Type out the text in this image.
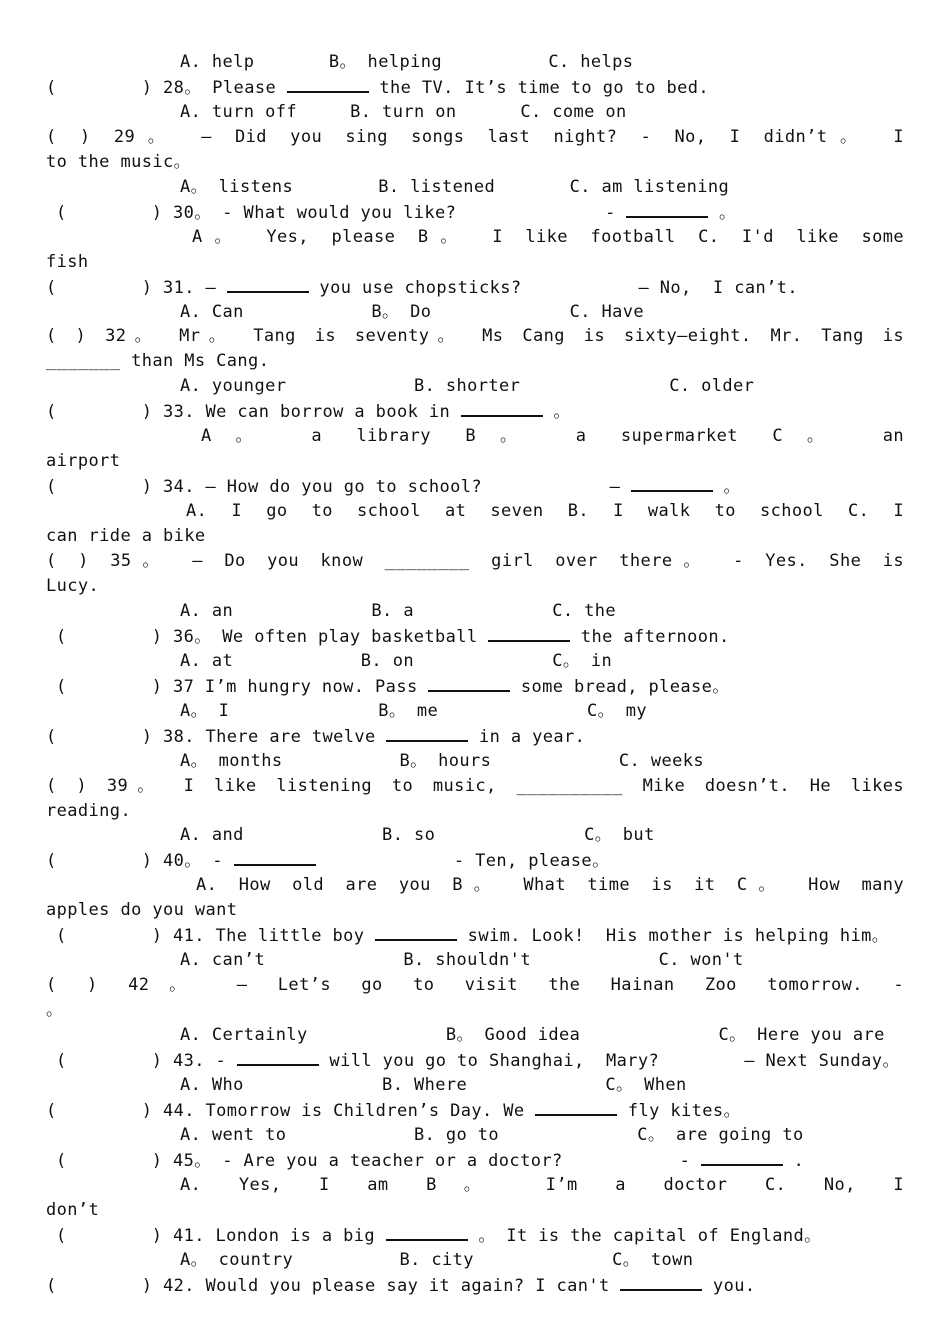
A. help       B。 helping          C. helps
(        ) 28。 Please	the TV. It’s time to go to bed.
A. turn off     B. turn on      C. come on
( ) 29。 — Did you sing songs last night? - No, I didn’t。 I
to the music。
A。 listens        B. listened       C. am listening
(        ) 30。 - What would you like?              -	。
A。 Yes, please B。 I like football C. I'd like some
fish
(        ) 31. —	you use chopsticks?           — No,  I can’t.
A. Can            B。 Do             C. Have
( ) 32。 Mr。 Tang is seventy。 Ms Cang is sixty—eight. Mr. Tang is
_______ than Ms Cang.
A. younger            B. shorter              C. older
(        ) 33. We can borrow a book in	。
A。 a library B。 a supermarket C。 an
airport
(        ) 34. — How do you go to school?            —	。
A. I go to school at seven B. I walk to school C. I
can ride a bike
( ) 35。 — Do you know ________ girl over there。 - Yes. She is
Lucy.
A. an             B. a             C. the
(        ) 36。 We often play basketball	the afternoon.
A. at            B. on             C。 in
(        ) 37 I’m hungry now. Pass	some bread, please。
A。 I              B。 me              C。 my
(        ) 38. There are twelve	in a year.
A。 months           B。 hours            C. weeks
( ) 39。 I like listening to music, __________ Mike doesn’t. He likes
reading.
A. and             B. so              C。 but
(        ) 40。 -	- Ten, please。
A. How old are you B。 What time is it C。 How many
apples do you want
(        ) 41. The little boy	swim. Look!  His mother is helping him。
A. can’t             B. shouldn't            C. won't
( ) 42。 — Let’s go to visit the Hainan Zoo tomorrow. -
。
A. Certainly             B。 Good idea             C。 Here you are
(        ) 43. -	will you go to Shanghai,  Mary?        — Next Sunday。
A. Who             B. Where             C。 When
(        ) 44. Tomorrow is Children’s Day. We	fly kites。
A. went to            B. go to             C。 are going to
(        ) 45。 - Are you a teacher or a doctor?           -	.
A. Yes, I am B。 I’m a doctor C. No, I
don’t
(        ) 41. London is a big	。 It is the capital of England。
A。 country          B. city             C。 town
(        ) 42. Would you please say it again? I can't	you.
